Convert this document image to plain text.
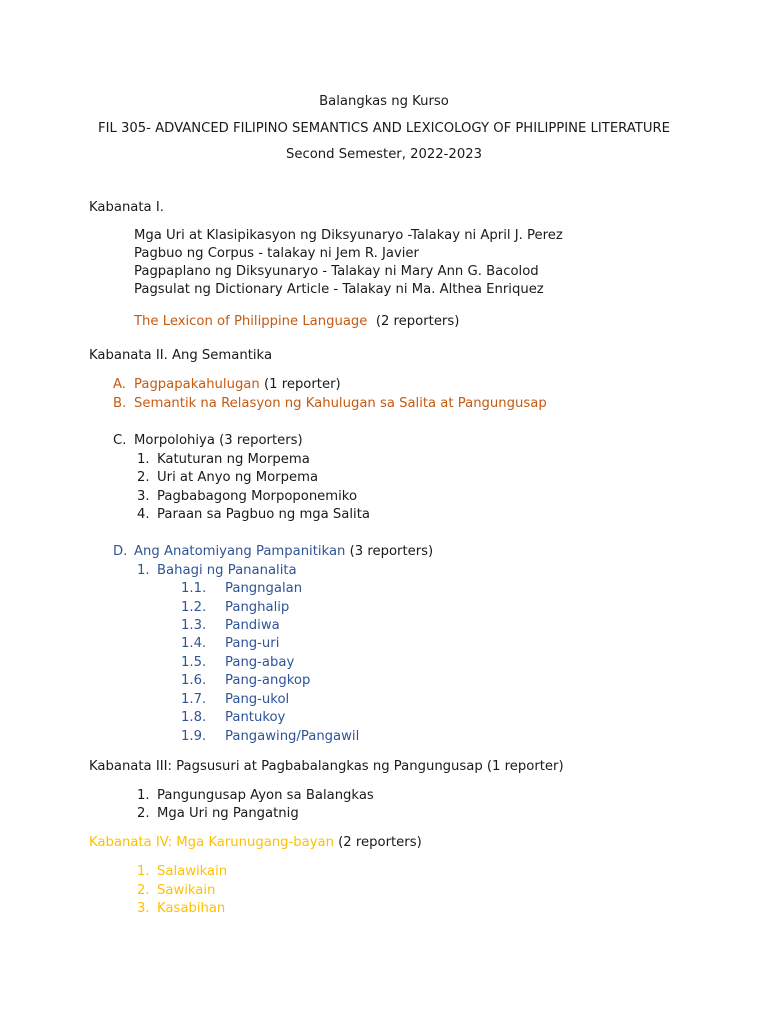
Balangkas ng Kurso
FIL 305- ADVANCED FILIPINO SEMANTICS AND LEXICOLOGY OF PHILIPPINE LITERATURE
Second Semester, 2022-2023
Kabanata I.
Mga Uri at Klasipikasyon ng Diksyunaryo -Talakay ni April J. Perez
Pagbuo ng Corpus - talakay ni Jem R. Javier
Pagpaplano ng Diksyunaryo - Talakay ni Mary Ann G. Bacolod
Pagsulat ng Dictionary Article - Talakay ni Ma. Althea Enriquez
The Lexicon of Philippine Language (2 reporters)
Kabanata II. Ang Semantika
A. Pagpapakahulugan (1 reporter)
B. Semantik na Relasyon ng Kahulugan sa Salita at Pangungusap
C. Morpolohiya (3 reporters)
1. Katuturan ng Morpema
2. Uri at Anyo ng Morpema
3. Pagbabagong Morpoponemiko
4. Paraan sa Pagbuo ng mga Salita
D. Ang Anatomiyang Pampanitikan (3 reporters)
1. Bahagi ng Pananalita
1.1. Pangngalan
1.2. Panghalip
1.3. Pandiwa
1.4. Pang-uri
1.5. Pang-abay
1.6. Pang-angkop
1.7. Pang-ukol
1.8. Pantukoy
1.9. Pangawing/Pangawil
Kabanata III: Pagsusuri at Pagbabalangkas ng Pangungusap (1 reporter)
1. Pangungusap Ayon sa Balangkas
2. Mga Uri ng Pangatnig
Kabanata IV: Mga Karunugang-bayan (2 reporters)
1. Salawikain
2. Sawikain
3. Kasabihan
